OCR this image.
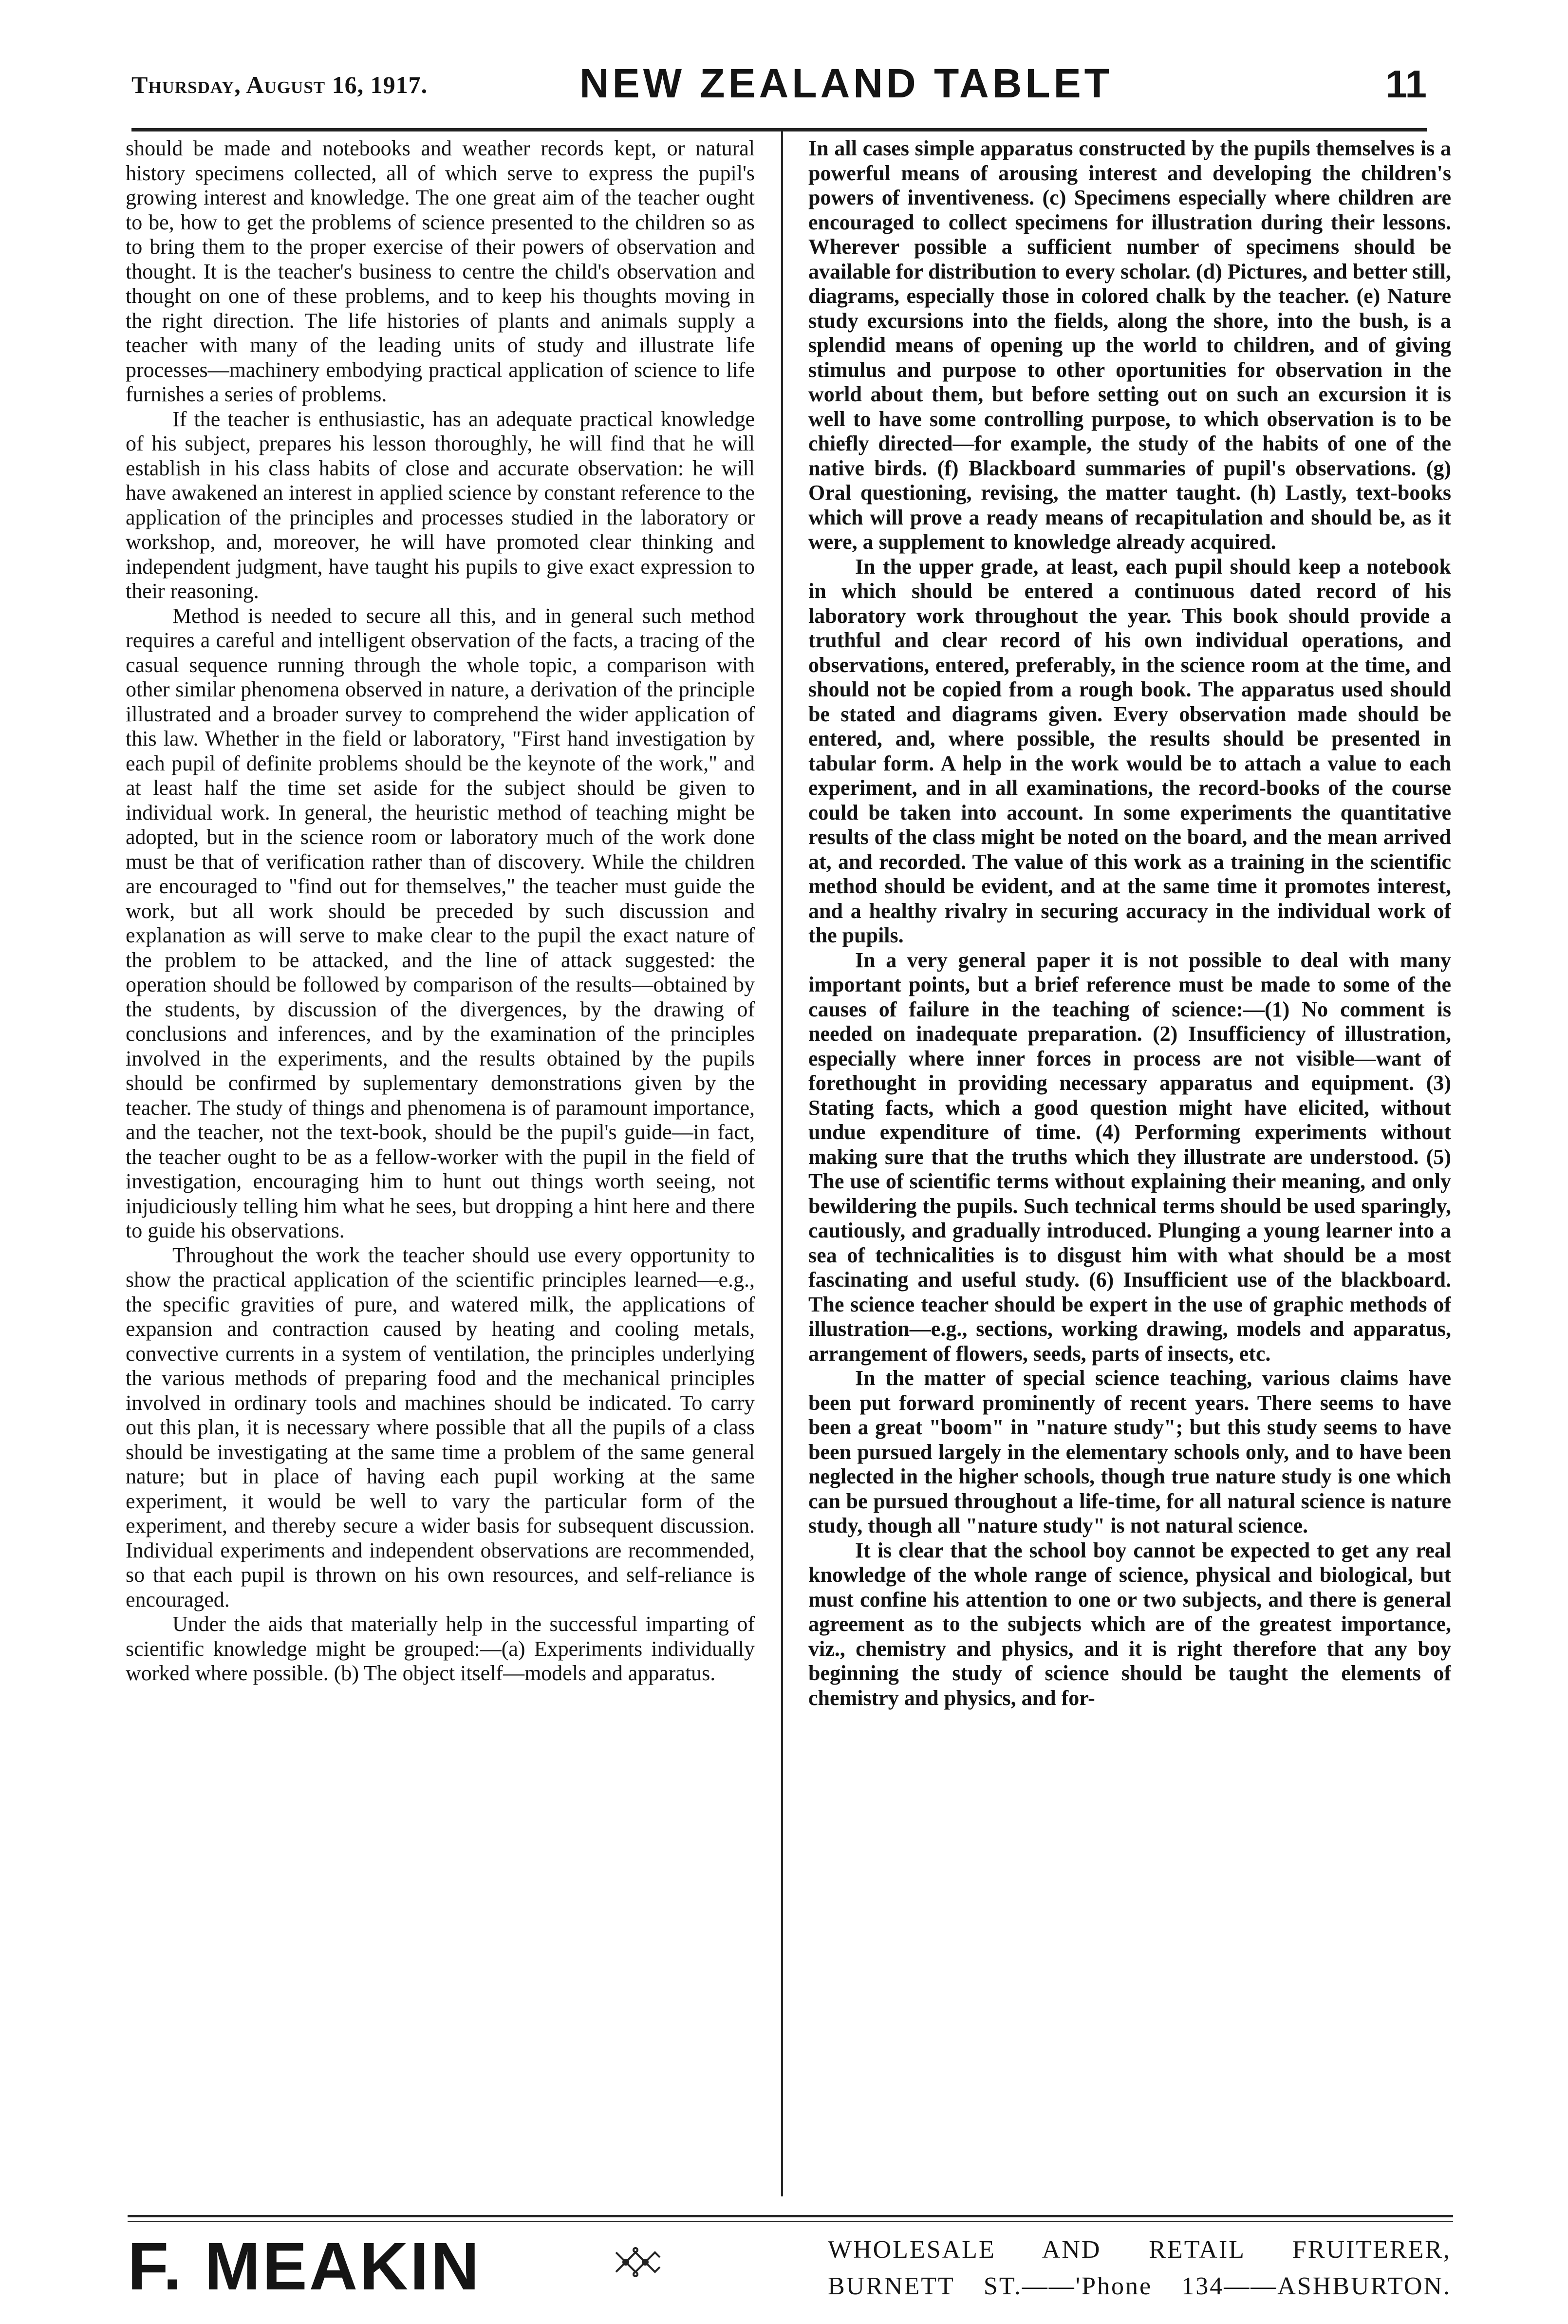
Thursday, August 16, 1917.	NEW ZEALAND TABLET	11

should be made and notebooks and weather records kept, or natural history specimens collected, all of which serve to express the pupil's growing interest and knowledge. The one great aim of the teacher ought to be, how to get the problems of science presented to the children so as to bring them to the proper exercise of their powers of observation and thought. It is the teacher's business to centre the child's observation and thought on one of these problems, and to keep his thoughts moving in the right direction. The life histories of plants and animals supply a teacher with many of the leading units of study and illustrate life processes—machinery embodying practical application of science to life furnishes a series of problems.

If the teacher is enthusiastic, has an adequate practical knowledge of his subject, prepares his lesson thoroughly, he will find that he will establish in his class habits of close and accurate observation: he will have awakened an interest in applied science by constant reference to the application of the principles and processes studied in the laboratory or workshop, and, moreover, he will have promoted clear thinking and independent judgment, have taught his pupils to give exact expression to their reasoning.

Method is needed to secure all this, and in general such method requires a careful and intelligent observation of the facts, a tracing of the casual sequence running through the whole topic, a comparison with other similar phenomena observed in nature, a derivation of the principle illustrated and a broader survey to comprehend the wider application of this law. Whether in the field or laboratory, "First hand investigation by each pupil of definite problems should be the keynote of the work," and at least half the time set aside for the subject should be given to individual work. In general, the heuristic method of teaching might be adopted, but in the science room or laboratory much of the work done must be that of verification rather than of discovery. While the children are encouraged to "find out for themselves," the teacher must guide the work, but all work should be preceded by such discussion and explanation as will serve to make clear to the pupil the exact nature of the problem to be attacked, and the line of attack suggested: the operation should be followed by comparison of the results—obtained by the students, by discussion of the divergences, by the drawing of conclusions and inferences, and by the examination of the principles involved in the experiments, and the results obtained by the pupils should be confirmed by suplementary demonstrations given by the teacher. The study of things and phenomena is of paramount importance, and the teacher, not the text-book, should be the pupil's guide—in fact, the teacher ought to be as a fellow-worker with the pupil in the field of investigation, encouraging him to hunt out things worth seeing, not injudiciously telling him what he sees, but dropping a hint here and there to guide his observations.

Throughout the work the teacher should use every opportunity to show the practical application of the scientific principles learned—e.g., the specific gravities of pure, and watered milk, the applications of expansion and contraction caused by heating and cooling metals, convective currents in a system of ventilation, the principles underlying the various methods of preparing food and the mechanical principles involved in ordinary tools and machines should be indicated. To carry out this plan, it is necessary where possible that all the pupils of a class should be investigating at the same time a problem of the same general nature; but in place of having each pupil working at the same experiment, it would be well to vary the particular form of the experiment, and thereby secure a wider basis for subsequent discussion. Individual experiments and independent observations are recommended, so that each pupil is thrown on his own resources, and self-reliance is encouraged.

Under the aids that materially help in the successful imparting of scientific knowledge might be grouped:—(a) Experiments individually worked where possible. (b) The object itself—models and apparatus.

In all cases simple apparatus constructed by the pupils themselves is a powerful means of arousing interest and developing the children's powers of inventiveness. (c) Specimens especially where children are encouraged to collect specimens for illustration during their lessons. Wherever possible a sufficient number of specimens should be available for distribution to every scholar. (d) Pictures, and better still, diagrams, especially those in colored chalk by the teacher. (e) Nature study excursions into the fields, along the shore, into the bush, is a splendid means of opening up the world to children, and of giving stimulus and purpose to other oportunities for observation in the world about them, but before setting out on such an excursion it is well to have some controlling purpose, to which observation is to be chiefly directed—for example, the study of the habits of one of the native birds. (f) Blackboard summaries of pupil's observations. (g) Oral questioning, revising, the matter taught. (h) Lastly, text-books which will prove a ready means of recapitulation and should be, as it were, a supplement to knowledge already acquired.

In the upper grade, at least, each pupil should keep a notebook in which should be entered a continuous dated record of his laboratory work throughout the year. This book should provide a truthful and clear record of his own individual operations, and observations, entered, preferably, in the science room at the time, and should not be copied from a rough book. The apparatus used should be stated and diagrams given. Every observation made should be entered, and, where possible, the results should be presented in tabular form. A help in the work would be to attach a value to each experiment, and in all examinations, the record-books of the course could be taken into account. In some experiments the quantitative results of the class might be noted on the board, and the mean arrived at, and recorded. The value of this work as a training in the scientific method should be evident, and at the same time it promotes interest, and a healthy rivalry in securing accuracy in the individual work of the pupils.

In a very general paper it is not possible to deal with many important points, but a brief reference must be made to some of the causes of failure in the teaching of science:—(1) No comment is needed on inadequate preparation. (2) Insufficiency of illustration, especially where inner forces in process are not visible—want of forethought in providing necessary apparatus and equipment. (3) Stating facts, which a good question might have elicited, without undue expenditure of time. (4) Performing experiments without making sure that the truths which they illustrate are understood. (5) The use of scientific terms without explaining their meaning, and only bewildering the pupils. Such technical terms should be used sparingly, cautiously, and gradually introduced. Plunging a young learner into a sea of technicalities is to disgust him with what should be a most fascinating and useful study. (6) Insufficient use of the blackboard. The science teacher should be expert in the use of graphic methods of illustration—e.g., sections, working drawing, models and apparatus, arrangement of flowers, seeds, parts of insects, etc.

In the matter of special science teaching, various claims have been put forward prominently of recent years. There seems to have been a great "boom" in "nature study"; but this study seems to have been pursued largely in the elementary schools only, and to have been neglected in the higher schools, though true nature study is one which can be pursued throughout a life-time, for all natural science is nature study, though all "nature study" is not natural science.

It is clear that the school boy cannot be expected to get any real knowledge of the whole range of science, physical and biological, but must confine his attention to one or two subjects, and there is general agreement as to the subjects which are of the greatest importance, viz., chemistry and physics, and it is right therefore that any boy beginning the study of science should be taught the elements of chemistry and physics, and for-

F. MEAKIN	WHOLESALE AND RETAIL FRUITERER,
BURNETT ST.——'Phone 134——ASHBURTON.
